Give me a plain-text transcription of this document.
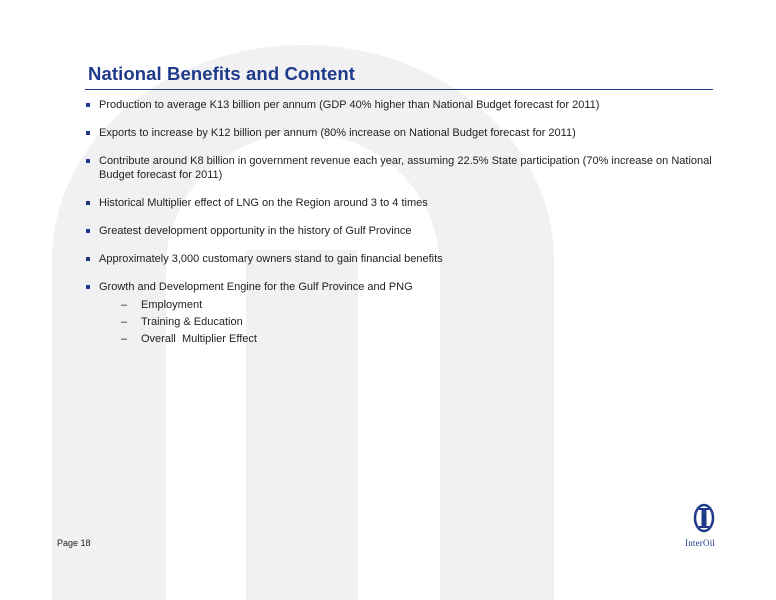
National Benefits and Content
Production to average K13 billion per annum (GDP 40% higher than National Budget forecast for 2011)
Exports to increase by K12 billion per annum (80% increase on National Budget forecast for 2011)
Contribute around K8 billion in government revenue each year, assuming 22.5% State participation (70% increase on National Budget forecast for 2011)
Historical Multiplier effect of LNG on the Region around 3 to 4 times
Greatest development opportunity in the history of Gulf Province
Approximately 3,000 customary owners stand to gain financial benefits
Growth and Development Engine for the Gulf Province and PNG
– Employment
– Training & Education
– Overall  Multiplier Effect
Page 18	InterOil
